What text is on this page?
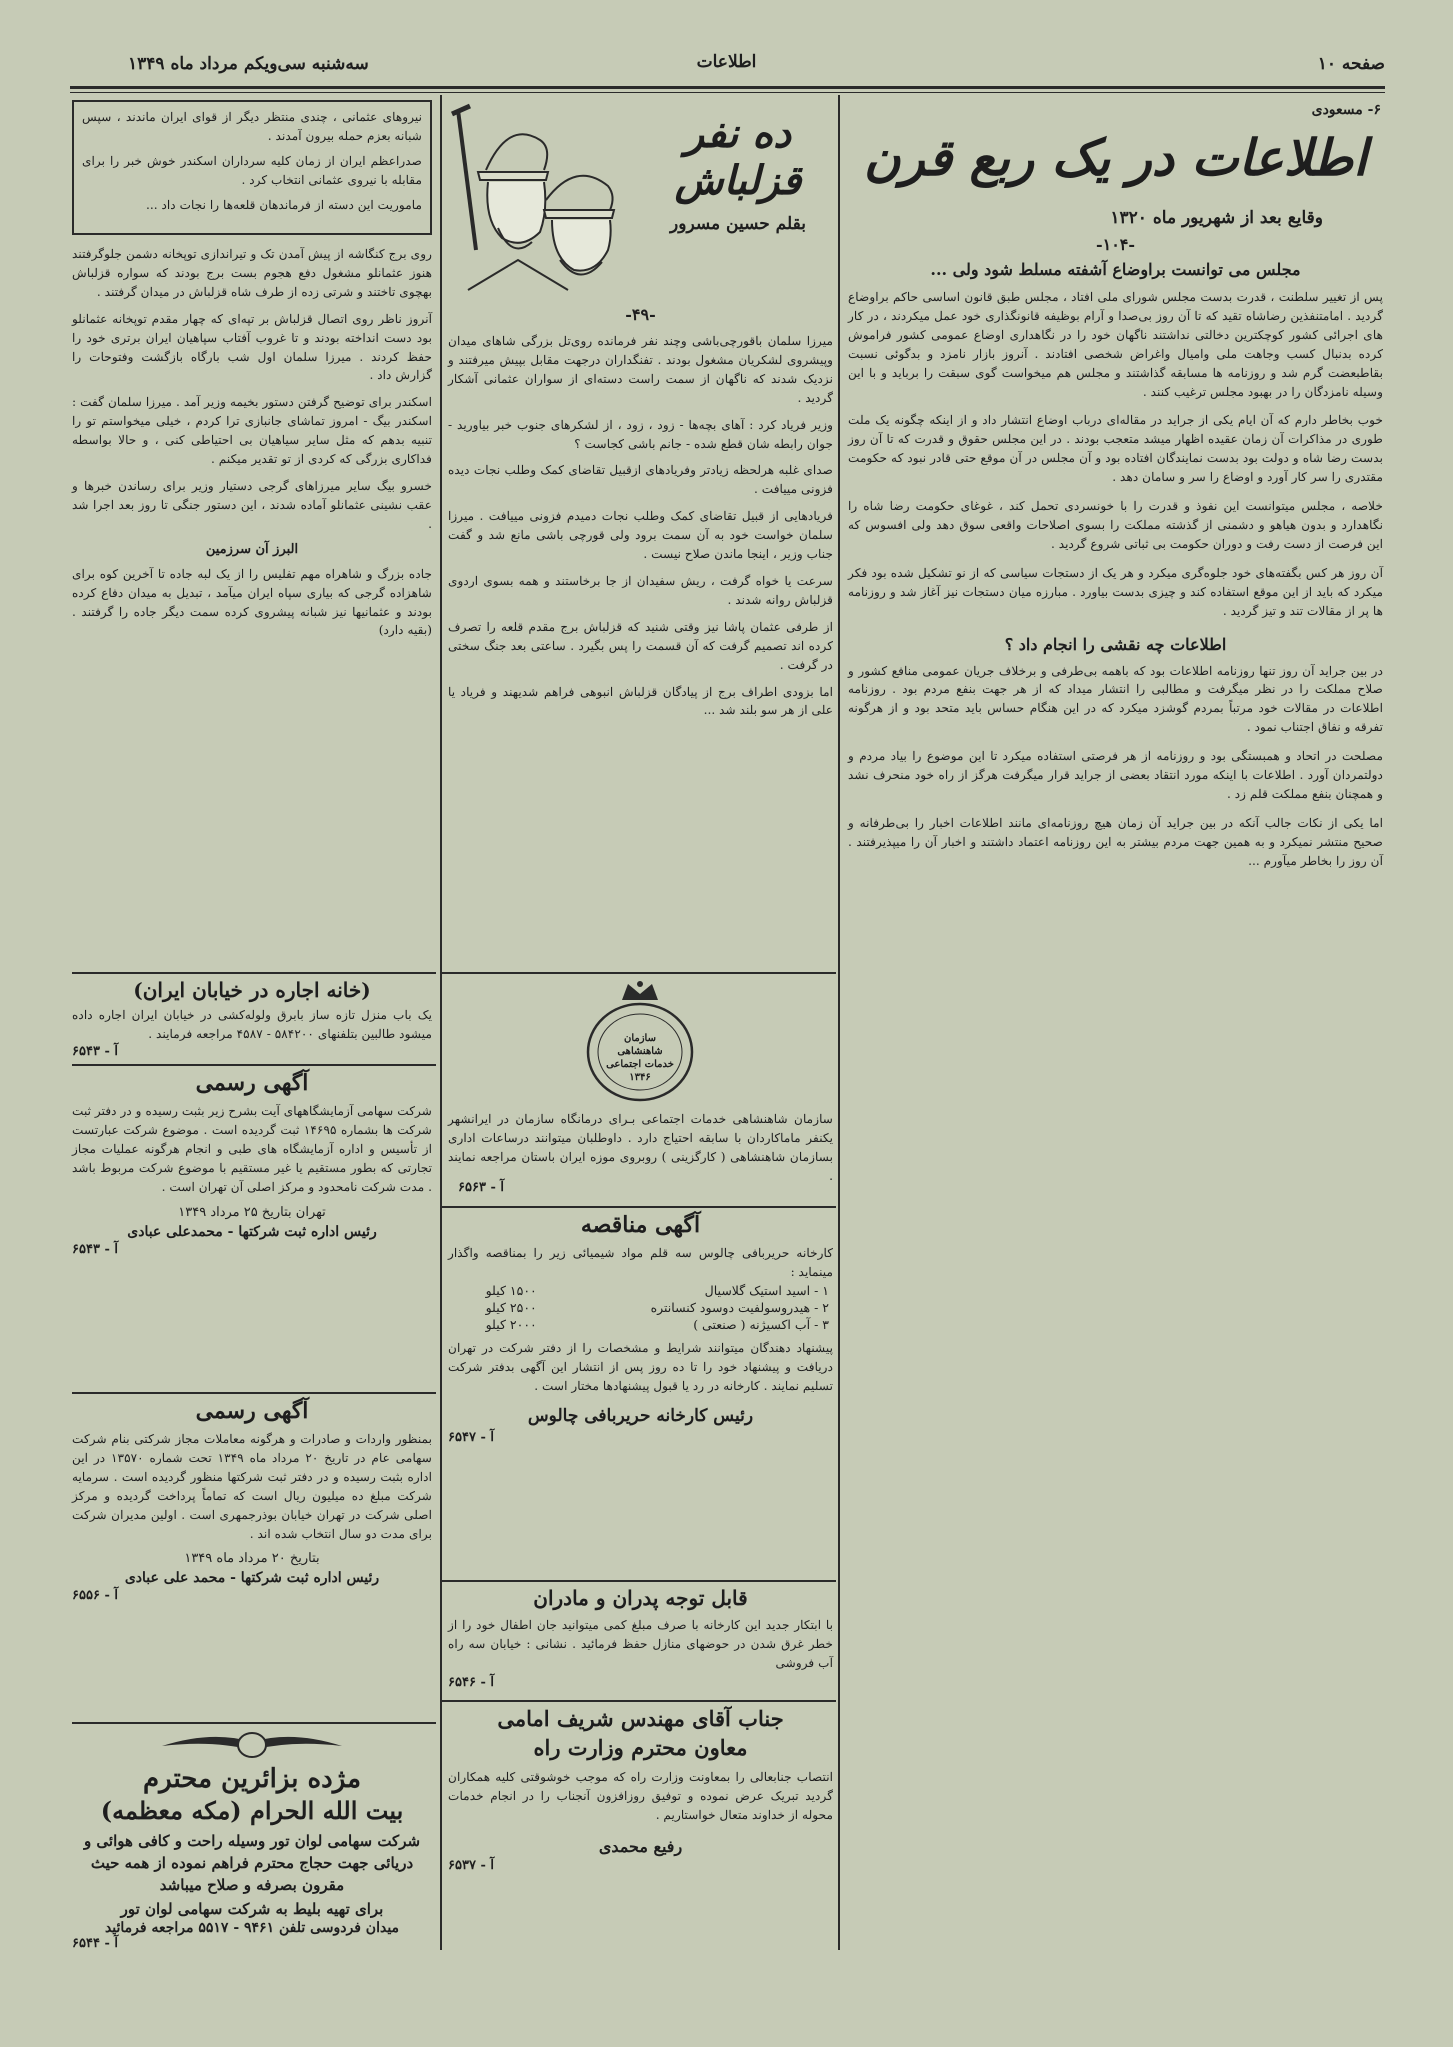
صفحه ۱۰
اطلاعات
سه‌شنبه سی‌ویکم مرداد ماه ۱۳۴۹
۶- مسعودی
اطلاعات در یک ربع قرن
وقایع بعد از شهریور ماه ۱۳۲۰
-۱۰۴-
مجلس می توانست براوضاع آشفته مسلط شود ولی ...

پس از تغییر سلطنت ، قدرت بدست مجلس شورای ملی افتاد ، مجلس طبق قانون اساسی حاکم براوضاع گردید . امامتنفذین رضاشاه تقید که تا آن روز بی‌صدا و آرام بوظیفه قانونگذاری خود عمل میکردند ، در کار های اجرائی کشور کوچکترین دخالتی نداشتند ناگهان خود را در نگاهداری اوضاع عمومی کشور فراموش کرده بدنبال کسب وجاهت ملی وامیال واغراض شخصی افتادند . آنروز بازار نامزد و بدگوئی نسبت بقاطبعضت گرم شد و روزنامه ها مسابقه گذاشتند و مجلس هم میخواست گوی سبقت را برباید و با این وسیله نامزدگان را در بهبود مجلس ترغیب کنند .

خوب بخاطر دارم که آن ایام یکی از جراید در مقاله‌ای درباب اوضاع انتشار داد و از اینکه چگونه یک ملت طوری در مذاکرات آن زمان عقیده اظهار میشد متعجب بودند . در این مجلس حقوق و قدرت که تا آن روز بدست رضا شاه و دولت بود بدست نمایندگان افتاده بود و آن مجلس در آن موقع حتی قادر نبود که حکومت مقتدری را سر کار آورد و اوضاع را سر و سامان دهد .

خلاصه ، مجلس میتوانست این نفوذ و قدرت را با خونسردی تحمل کند ، غوغای حکومت رضا شاه را نگاهدارد و بدون هیاهو و دشمنی از گذشته مملکت را بسوی اصلاحات واقعی سوق دهد ولی افسوس که این فرصت از دست رفت و دوران حکومت بی ثباتی شروع گردید .

آن روز هر کس بگفته‌های خود جلوه‌گری میکرد و هر یک از دستجات سیاسی که از نو تشکیل شده بود فکر میکرد که باید از این موقع استفاده کند و چیزی بدست بیاورد . مبارزه میان دستجات نیز آغاز شد و روزنامه ها پر از مقالات تند و تیز گردید .

اطلاعات چه نقشی را انجام داد ؟

در بین جراید آن روز تنها روزنامه اطلاعات بود که باهمه بی‌طرفی و برخلاف جریان عمومی منافع کشور و صلاح مملکت را در نظر میگرفت و مطالبی را انتشار میداد که از هر جهت بنفع مردم بود . روزنامه اطلاعات در مقالات خود مرتباً بمردم گوشزد میکرد که در این هنگام حساس باید متحد بود و از هرگونه تفرقه و نفاق اجتناب نمود .

مصلحت در اتحاد و همبستگی بود و روزنامه از هر فرصتی استفاده میکرد تا این موضوع را بیاد مردم و دولتمردان آورد . اطلاعات با اینکه مورد انتقاد بعضی از جراید قرار میگرفت هرگز از راه خود منحرف نشد و همچنان بنفع مملکت قلم زد .

اما یکی از نکات جالب آنکه در بین جراید آن زمان هیچ روزنامه‌ای مانند اطلاعات اخبار را بی‌طرفانه و صحیح منتشر نمیکرد و به همین جهت مردم بیشتر به این روزنامه اعتماد داشتند و اخبار آن را میپذیرفتند . آن روز را بخاطر میآورم ...

ده نفر قزلباش
بقلم حسین مسرور
-۴۹-

میرزا سلمان باقورچی‌باشی وچند نفر فرمانده روی‌تل بزرگی شاهای میدان وپیشروی لشکریان مشغول بودند . تفنگداران درجهت مقابل بپیش میرفتند و نزدیک شدند که ناگهان از سمت راست دسته‌ای از سواران عثمانی آشکار گردید .

وزیر فریاد کرد : آهای بچه‌ها - زود ، زود ، از لشکرهای جنوب خبر بیاورید - جوان رابطه شان قطع شده - جانم باشی کجاست ؟

صدای غلبه هرلحظه زیادتر وفریادهای ازقبیل تقاضای کمک وطلب نجات دیده فزونی مییافت .

فریادهایی از قبیل تقاضای کمک وطلب نجات دمیدم فزونی مییافت . میرزا سلمان خواست خود به آن سمت برود ولی قورچی باشی مانع شد و گفت جناب وزیر ، اینجا ماندن صلاح نیست .

سرعت یا خواه گرفت ، ریش سفیدان از جا برخاستند و همه بسوی اردوی قزلباش روانه شدند .

از طرفی عثمان پاشا نیز وقتی شنید که قزلباش برج مقدم قلعه را تصرف کرده اند تصمیم گرفت که آن قسمت را پس بگیرد . ساعتی بعد جنگ سختی در گرفت .

اما بزودی اطراف برج از پیادگان قزلباش انبوهی فراهم شدیهند و فریاد یا علی از هر سو بلند شد ...

سازمان شاهنشاهی خدمات اجتماعی ۱۳۴۶

سازمان شاهنشاهی خدمات اجتماعی بـرای درمانگاه سازمان در ایرانشهر یکنفر ماماکاردان با سابقه احتیاج دارد . داوطلبان میتوانند درساعات اداری بسازمان شاهنشاهی ( کارگزینی ) روبروی موزه ایران باستان مراجعه نمایند .

آ - ۶۵۶۳
آگهی مناقصه

کارخانه حریربافی چالوس سه قلم مواد شیمیائی زیر را بمناقصه واگذار مینماید :

۱ - اسید استیک گلاسیال	۱۵۰۰ کیلو
۲ - هیدروسولفیت دوسود کنسانتره	۲۵۰۰ کیلو
۳ - آب اکسیژنه ( صنعتی )	۲۰۰۰ کیلو

پیشنهاد دهندگان میتوانند شرایط و مشخصات را از دفتر شرکت در تهران دریافت و پیشنهاد خود را تا ده روز پس از انتشار این آگهی بدفتر شرکت تسلیم نمایند . کارخانه در رد یا قبول پیشنهادها مختار است .

رئیس کارخانه حریربافی چالوس
آ - ۶۵۴۷
قابل توجه پدران و مادران

با ابتکار جدید این کارخانه با صرف مبلغ کمی میتوانید جان اطفال خود را از خطر غرق شدن در حوضهای منازل حفظ فرمائید . نشانی : خیابان سه راه آب فروشی

آ - ۶۵۴۶
جناب آقای مهندس شریف امامی
معاون محترم وزارت راه

انتصاب جنابعالی را بمعاونت وزارت راه که موجب خوشوقتی کلیه همکاران گردید تبریک عرض نموده و توفیق روزافزون آنجناب را در انجام خدمات محوله از خداوند متعال خواستاریم .

رفیع محمدی
آ - ۶۵۳۷

نیروهای عثمانی ، چندی منتظر دیگر از قوای ایران ماندند ، سپس شبانه بعزم حمله بیرون آمدند .

صدراعظم ایران از زمان کلیه سرداران اسکندر خوش خبر را برای مقابله با نیروی عثمانی انتخاب کرد .

ماموریت این دسته از فرماندهان قلعه‌ها را نجات داد ...

روی برج کنگاشه از پیش آمدن تک و تیراندازی توپخانه دشمن جلوگرفتند هنوز عثمانلو مشغول دفع هجوم بست برج بودند که سواره قزلباش بهچوی تاختند و شرتی زده از طرف شاه قزلباش در میدان گرفتند .

آنروز ناظر روی اتصال قزلباش بر تپه‌ای که چهار مقدم توپخانه عثمانلو بود دست انداخته بودند و تا غروب آفتاب سپاهیان ایران برتری خود را حفظ کردند . میرزا سلمان اول شب بارگاه بازگشت وفتوحات را گزارش داد .

اسکندر برای توضیح گرفتن دستور بخیمه وزیر آمد . میرزا سلمان گفت : اسکندر بیگ - امروز تماشای جانبازی ترا کردم ، خیلی میخواستم تو را تنبیه بدهم که مثل سایر سیاهیان بی احتیاطی کنی ، و حالا بواسطه فداکاری بزرگی که کردی از تو تقدیر میکنم .

خسرو بیگ سایر میرزاهای گرجی دستیار وزیر برای رساندن خبرها و عقب نشینی عثمانلو آماده شدند ، این دستور جنگی تا روز بعد اجرا شد .

البرز آن سرزمین

جاده بزرگ و شاهراه مهم تفلیس را از یک لبه جاده تا آخرین کوه برای شاهزاده گرجی که بیاری سپاه ایران میآمد ، تبدیل به میدان دفاع کرده بودند و عثمانیها نیز شبانه پیشروی کرده سمت دیگر جاده را گرفتند . (بقیه دارد)

(خانه اجاره در خیابان ایران)

یک باب منزل تازه ساز بابرق ولوله‌کشی در خیابان ایران اجاره داده میشود طالبین بتلفنهای ۵۸۴۲۰۰ - ۴۵۸۷ مراجعه فرمایند .

آ - ۶۵۴۳
آگهی رسمی

شرکت سهامی آزمایشگاههای آیت بشرح زیر بثبت رسیده و در دفتر ثبت شرکت ها بشماره ۱۴۶۹۵ ثبت گردیده است . موضوع شرکت عبارتست از تأسیس و اداره آزمایشگاه های طبی و انجام هرگونه عملیات مجاز تجارتی که بطور مستقیم یا غیر مستقیم با موضوع شرکت مربوط باشد . مدت شرکت نامحدود و مرکز اصلی آن تهران است .

تهران بتاریخ ۲۵ مرداد ۱۳۴۹
رئیس اداره ثبت شرکتها - محمدعلی عبادی
آ - ۶۵۴۳
آگهی رسمی

بمنظور واردات و صادرات و هرگونه معاملات مجاز شرکتی بنام شرکت سهامی عام در تاریخ ۲۰ مرداد ماه ۱۳۴۹ تحت شماره ۱۳۵۷۰ در این اداره بثبت رسیده و در دفتر ثبت شرکتها منظور گردیده است . سرمایه شرکت مبلغ ده میلیون ریال است که تماماً پرداخت گردیده و مرکز اصلی شرکت در تهران خیابان بوذرجمهری است . اولین مدیران شرکت برای مدت دو سال انتخاب شده اند .

بتاریخ ۲۰ مرداد ماه ۱۳۴۹
رئیس اداره ثبت شرکتها - محمد علی عبادی
آ - ۶۵۵۶
مژده بزائرین محترم
بیت الله الحرام (مکه معظمه)
شرکت سهامی لوان تور وسیله راحت و کافی هوائی و دریائی جهت حجاج محترم فراهم نموده از همه حیث مقرون بصرفه و صلاح میباشد
برای تهیه بلیط به شرکت سهامی لوان تور
میدان فردوسی تلفن ۹۴۶۱ - ۵۵۱۷ مراجعه فرمائید
آ - ۶۵۴۴
